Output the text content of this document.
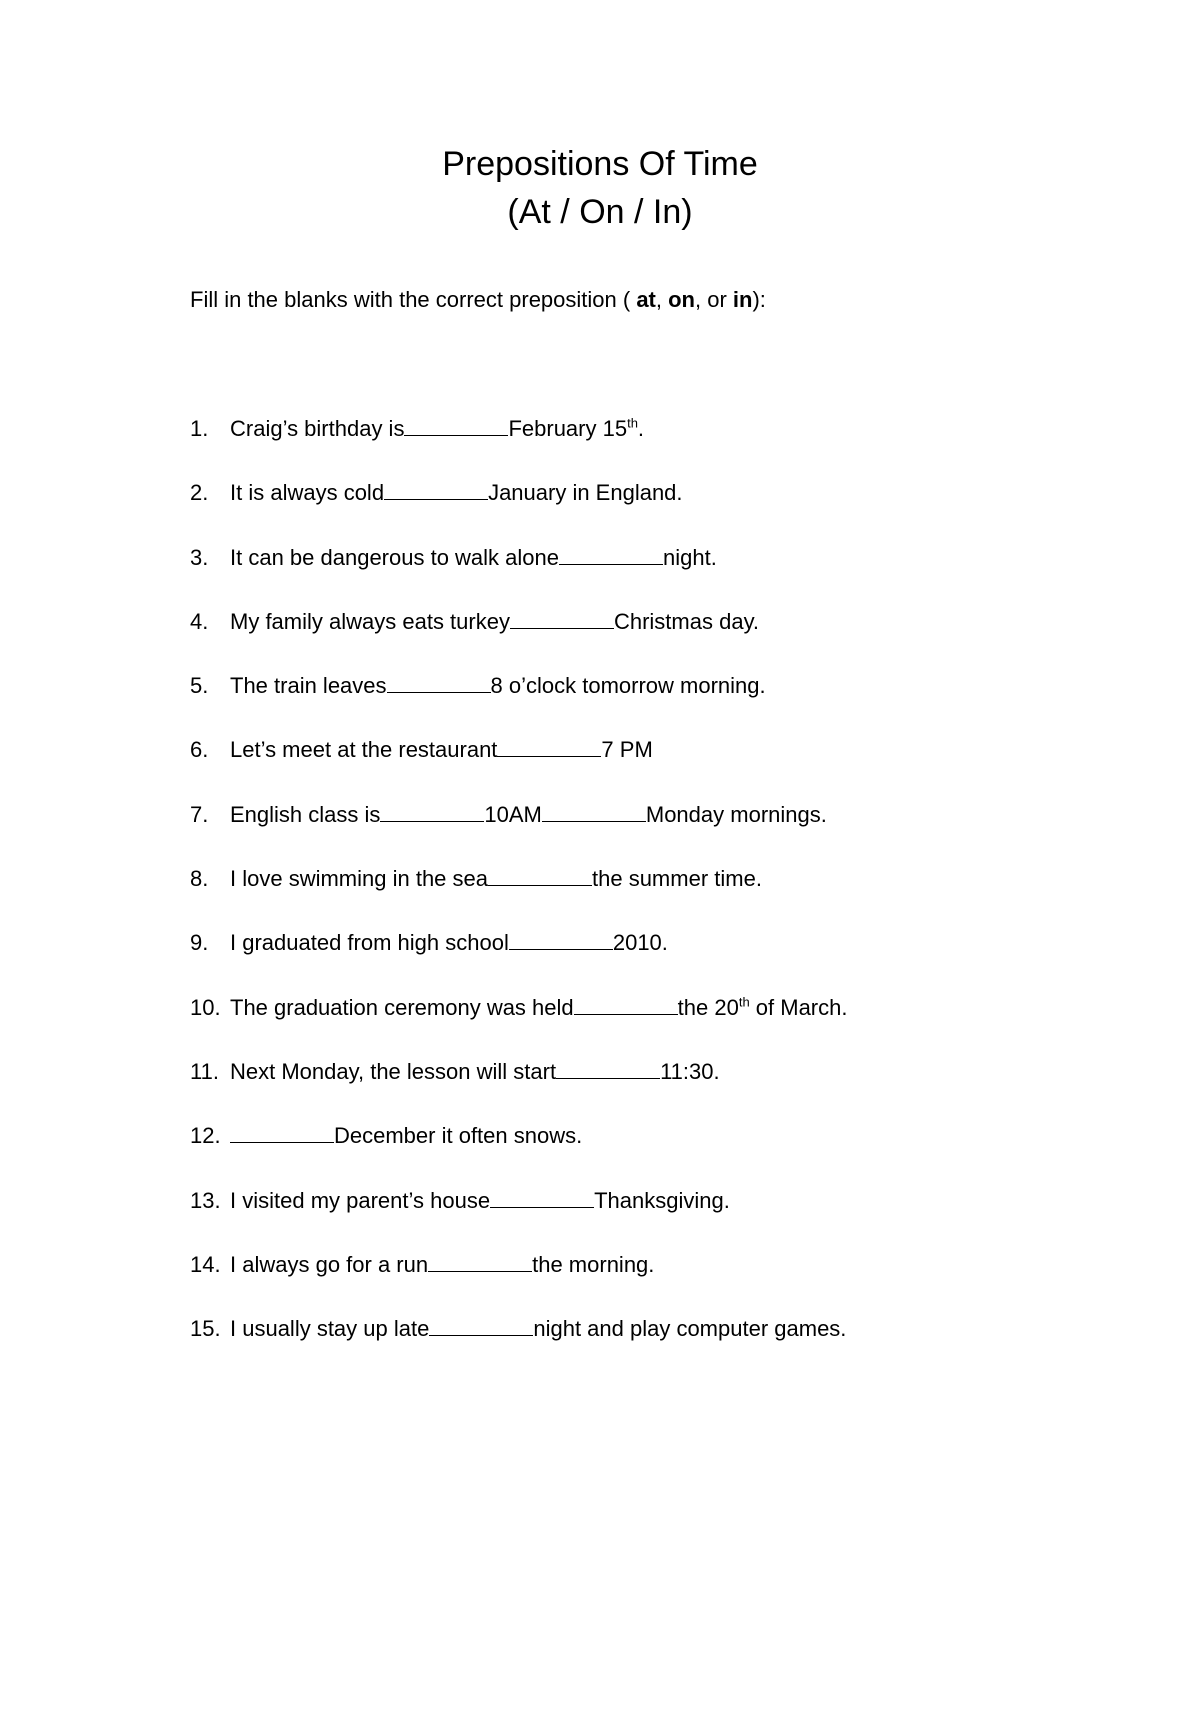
Prepositions Of Time
(At / On / In)
Fill in the blanks with the correct preposition ( at, on, or in):
1. Craig’s birthday is	February 15th.
2. It is always cold	January in England.
3. It can be dangerous to walk alone	night.
4. My family always eats turkey	Christmas day.
5. The train leaves	8 o’clock tomorrow morning.
6. Let’s meet at the restaurant	7 PM
7. English class is	10AM	Monday mornings.
8. I love swimming in the sea	the summer time.
9. I graduated from high school	2010.
10. The graduation ceremony was held	the 20th of March.
11. Next Monday, the lesson will start	11:30.
12.	December it often snows.
13. I visited my parent’s house	Thanksgiving.
14. I always go for a run	the morning.
15. I usually stay up late	night and play computer games.
